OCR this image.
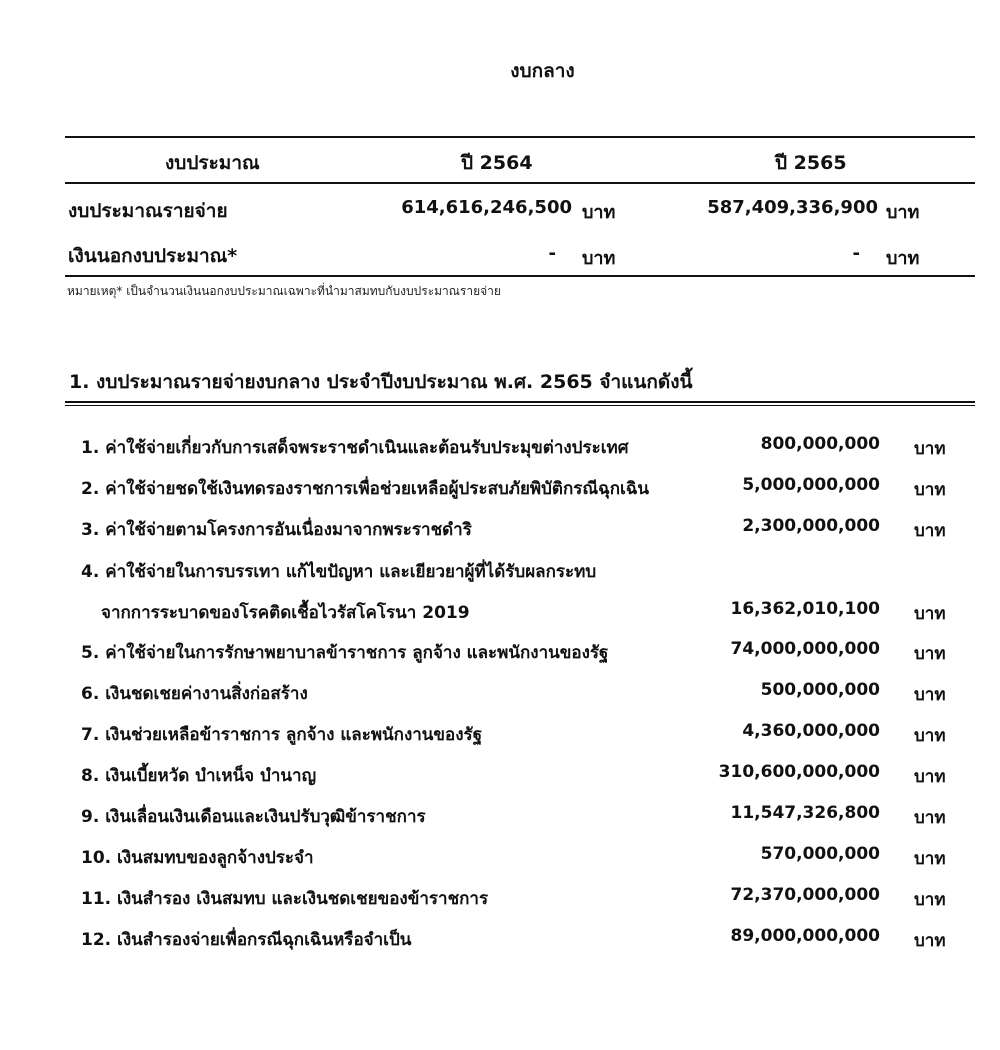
งบกลาง
งบประมาณ	ปี 2564	ปี 2565
งบประมาณรายจ่าย	614,616,246,500 บาท	587,409,336,900 บาท
เงินนอกงบประมาณ*	- บาท	- บาท
หมายเหตุ* เป็นจำนวนเงินนอกงบประมาณเฉพาะที่นำมาสมทบกับงบประมาณรายจ่าย
1. งบประมาณรายจ่ายงบกลาง ประจำปีงบประมาณ พ.ศ. 2565 จำแนกดังนี้
1. ค่าใช้จ่ายเกี่ยวกับการเสด็จพระราชดำเนินและต้อนรับประมุขต่างประเทศ	800,000,000 บาท
2. ค่าใช้จ่ายชดใช้เงินทดรองราชการเพื่อช่วยเหลือผู้ประสบภัยพิบัติกรณีฉุกเฉิน	5,000,000,000 บาท
3. ค่าใช้จ่ายตามโครงการอันเนื่องมาจากพระราชดำริ	2,300,000,000 บาท
4. ค่าใช้จ่ายในการบรรเทา แก้ไขปัญหา และเยียวยาผู้ที่ได้รับผลกระทบ
จากการระบาดของโรคติดเชื้อไวรัสโคโรนา 2019	16,362,010,100 บาท
5. ค่าใช้จ่ายในการรักษาพยาบาลข้าราชการ ลูกจ้าง และพนักงานของรัฐ	74,000,000,000 บาท
6. เงินชดเชยค่างานสิ่งก่อสร้าง	500,000,000 บาท
7. เงินช่วยเหลือข้าราชการ ลูกจ้าง และพนักงานของรัฐ	4,360,000,000 บาท
8. เงินเบี้ยหวัด บำเหน็จ บำนาญ	310,600,000,000 บาท
9. เงินเลื่อนเงินเดือนและเงินปรับวุฒิข้าราชการ	11,547,326,800 บาท
10. เงินสมทบของลูกจ้างประจำ	570,000,000 บาท
11. เงินสำรอง เงินสมทบ และเงินชดเชยของข้าราชการ	72,370,000,000 บาท
12. เงินสำรองจ่ายเพื่อกรณีฉุกเฉินหรือจำเป็น	89,000,000,000 บาท
